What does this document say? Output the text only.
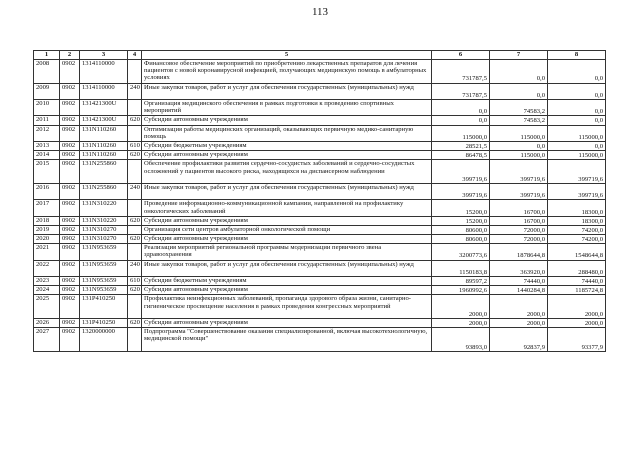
113
1	2	3	4	5	6	7	8
2008	0902	1314110000		Финансовое обеспечение мероприятий по приобретению лекарственных препаратов для лечения пациентов с новой коронавирусной инфекцией, получающих медицинскую помощь в амбулаторных условиях	731787,5	0,0	0,0
2009	0902	1314110000	240	Иные закупки товаров, работ и услуг для обеспечения государственных (муниципальных) нужд	731787,5	0,0	0,0
2010	0902	131421300U		Организация медицинского обеспечения в рамках подготовки к проведению спортивных мероприятий	0,0	74583,2	0,0
2011	0902	131421300U	620	Субсидии автономным учреждениям	0,0	74583,2	0,0
2012	0902	131N110260		Оптимизация работы медицинских организаций, оказывающих первичную медико-санитарную помощь	115000,0	115000,0	115000,0
2013	0902	131N110260	610	Субсидии бюджетным учреждениям	28521,5	0,0	0,0
2014	0902	131N110260	620	Субсидии автономным учреждениям	86478,5	115000,0	115000,0
2015	0902	131N255860		Обеспечение профилактики развития сердечно-сосудистых заболеваний и сердечно-сосудистых осложнений у пациентов высокого риска, находящихся на диспансерном наблюдении	399719,6	399719,6	399719,6
2016	0902	131N255860	240	Иные закупки товаров, работ и услуг для обеспечения государственных (муниципальных) нужд	399719,6	399719,6	399719,6
2017	0902	131N310220		Проведение информационно-коммуникационной кампании, направленной на профилактику онкологических заболеваний	15200,0	16700,0	18300,0
2018	0902	131N310220	620	Субсидии автономным учреждениям	15200,0	16700,0	18300,0
2019	0902	131N310270		Организация сети центров амбулаторной онкологической помощи	80600,0	72000,0	74200,0
2020	0902	131N310270	620	Субсидии автономным учреждениям	80600,0	72000,0	74200,0
2021	0902	131N953659		Реализация мероприятий региональной программы модернизации первичного звена здравоохранения	3200773,6	1878644,8	1548644,8
2022	0902	131N953659	240	Иные закупки товаров, работ и услуг для обеспечения государственных (муниципальных) нужд	1150183,8	363920,0	288480,0
2023	0902	131N953659	610	Субсидии бюджетным учреждениям	89597,2	74440,0	74440,0
2024	0902	131N953659	620	Субсидии автономным учреждениям	1960992,6	1440284,8	1185724,8
2025	0902	131P410250		Профилактика неинфекционных заболеваний, пропаганда здорового образа жизни, санитарно-гигиеническое просвещение населения в рамках проведения конгрессных мероприятий	2000,0	2000,0	2000,0
2026	0902	131P410250	620	Субсидии автономным учреждениям	2000,0	2000,0	2000,0
2027	0902	1320000000		Подпрограмма "Совершенствование оказания специализированной, включая высокотехнологичную, медицинской помощи"	93893,0	92837,9	93377,9
